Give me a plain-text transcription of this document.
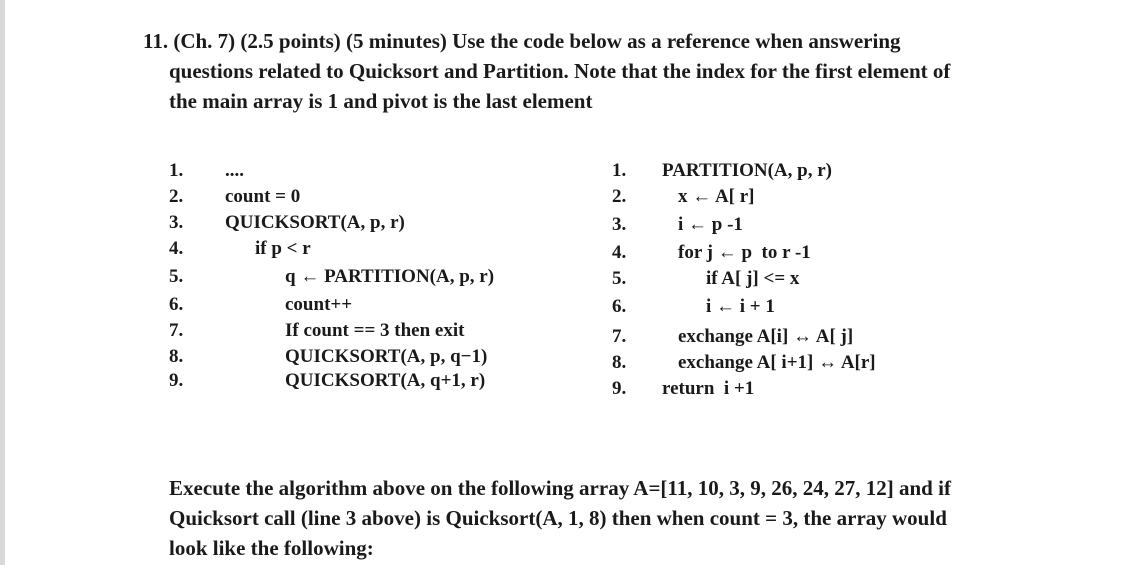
11. (Ch. 7) (2.5 points) (5 minutes) Use the code below as a reference when answering
questions related to Quicksort and Partition. Note that the index for the first element of
the main array is 1 and pivot is the last element
1.	....
2.	count = 0
3.	QUICKSORT(A, p, r)
4.	if p < r
5.	q ← PARTITION(A, p, r)
6.	count++
7.	If count == 3 then exit
8.	QUICKSORT(A, p, q−1)
9.	QUICKSORT(A, q+1, r)
1.	PARTITION(A, p, r)
2.	x ← A[ r]
3.	i ← p -1
4.	for j ← p  to r -1
5.	if A[ j] <= x
6.	i ← i + 1
7.	exchange A[i] ↔ A[ j]
8.	exchange A[ i+1] ↔ A[r]
9.	return  i +1
Execute the algorithm above on the following array A=[11, 10, 3, 9, 26, 24, 27, 12] and if
Quicksort call (line 3 above) is Quicksort(A, 1, 8) then when count = 3, the array would
look like the following:
